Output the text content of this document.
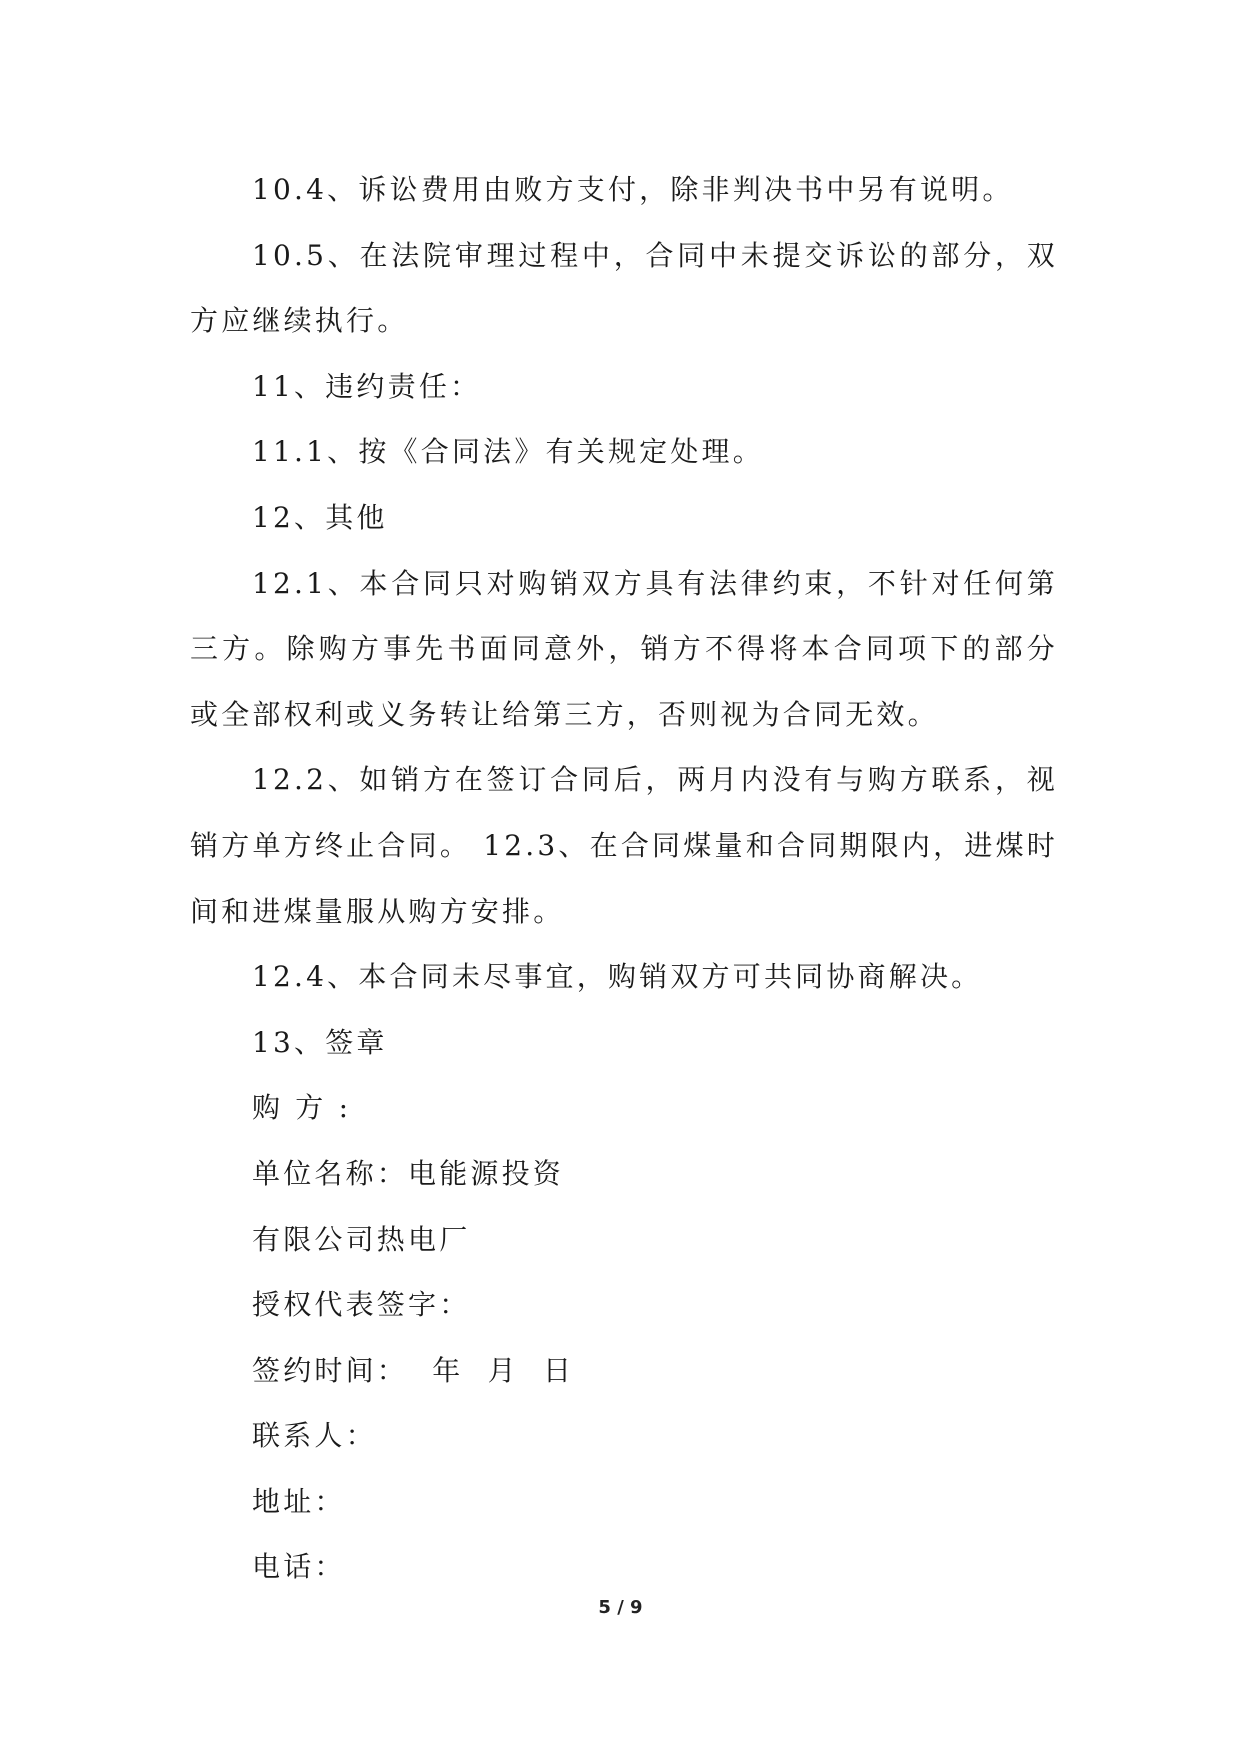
10.4、诉讼费用由败方支付，除非判决书中另有说明。

10.5、在法院审理过程中，合同中未提交诉讼的部分，双方应继续执行。

11、违约责任：

11.1、按《合同法》有关规定处理。

12、其他

12.1、本合同只对购销双方具有法律约束，不针对任何第三方。除购方事先书面同意外，销方不得将本合同项下的部分或全部权利或义务转让给第三方，否则视为合同无效。

12.2、如销方在签订合同后，两月内没有与购方联系，视销方单方终止合同。 12.3、在合同煤量和合同期限内，进煤时间和进煤量服从购方安排。

12.4、本合同未尽事宜，购销双方可共同协商解决。

13、签章

购 方 :

单位名称：电能源投资

有限公司热电厂

授权代表签字：

签约时间：  年  月  日

联系人：

地址：

电话：

5 / 9
